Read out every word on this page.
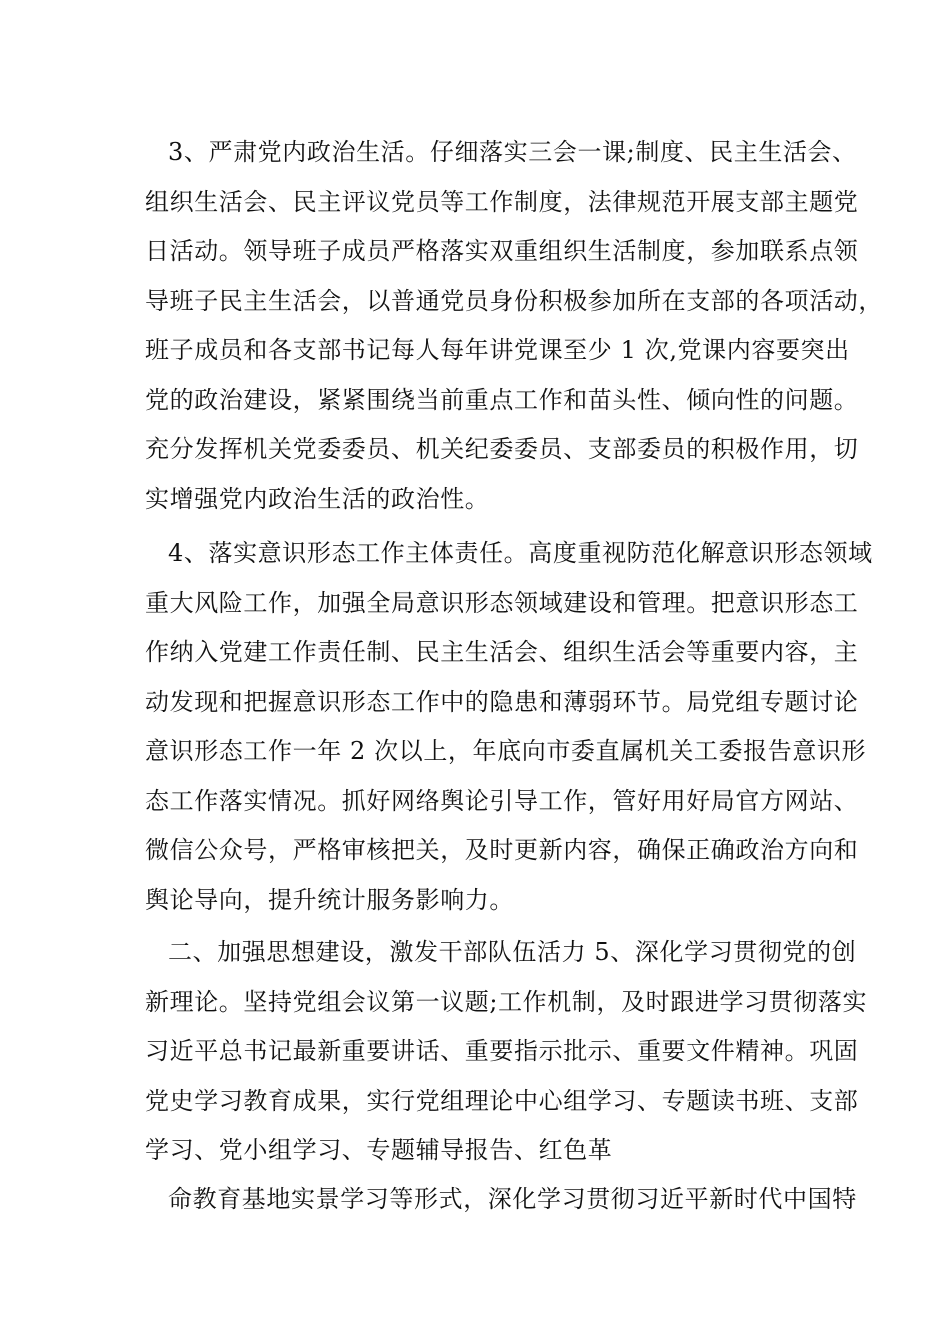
3、严肃党内政治生活。仔细落实三会一课;制度、民主生活会、
组织生活会、民主评议党员等工作制度，法律规范开展支部主题党
日活动。领导班子成员严格落实双重组织生活制度，参加联系点领
导班子民主生活会，以普通党员身份积极参加所在支部的各项活动，
班子成员和各支部书记每人每年讲党课至少 1 次,党课内容要突出
党的政治建设，紧紧围绕当前重点工作和苗头性、倾向性的问题。
充分发挥机关党委委员、机关纪委委员、支部委员的积极作用，切
实增强党内政治生活的政治性。
4、落实意识形态工作主体责任。高度重视防范化解意识形态领域
重大风险工作，加强全局意识形态领域建设和管理。把意识形态工
作纳入党建工作责任制、民主生活会、组织生活会等重要内容，主
动发现和把握意识形态工作中的隐患和薄弱环节。局党组专题讨论
意识形态工作一年 2 次以上，年底向市委直属机关工委报告意识形
态工作落实情况。抓好网络舆论引导工作，管好用好局官方网站、
微信公众号，严格审核把关，及时更新内容，确保正确政治方向和
舆论导向，提升统计服务影响力。
二、加强思想建设，激发干部队伍活力 5、深化学习贯彻党的创
新理论。坚持党组会议第一议题;工作机制，及时跟进学习贯彻落实
习近平总书记最新重要讲话、重要指示批示、重要文件精神。巩固
党史学习教育成果，实行党组理论中心组学习、专题读书班、支部
学习、党小组学习、专题辅导报告、红色革
命教育基地实景学习等形式，深化学习贯彻习近平新时代中国特
